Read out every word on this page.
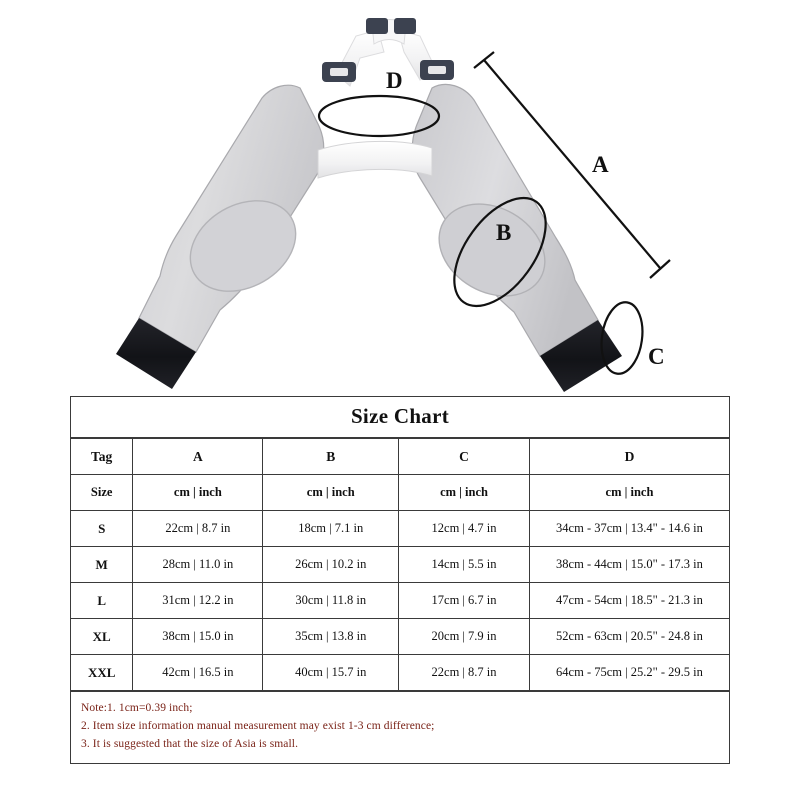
A
B
C
D
Size Chart
Tag	A	B	C	D
Size	cm | inch	cm | inch	cm | inch	cm | inch
S	22cm | 8.7 in	18cm | 7.1 in	12cm | 4.7 in	34cm - 37cm | 13.4" - 14.6 in
M	28cm | 11.0 in	26cm | 10.2 in	14cm | 5.5 in	38cm - 44cm | 15.0" - 17.3 in
L	31cm | 12.2 in	30cm | 11.8 in	17cm | 6.7 in	47cm - 54cm | 18.5" - 21.3 in
XL	38cm | 15.0 in	35cm | 13.8 in	20cm | 7.9 in	52cm - 63cm | 20.5" - 24.8 in
XXL	42cm | 16.5 in	40cm | 15.7 in	22cm | 8.7 in	64cm - 75cm | 25.2" - 29.5 in
Note:1. 1cm=0.39 inch;
2. Item size information manual measurement may exist 1-3 cm difference;
3. It is suggested that the size of Asia is small.
